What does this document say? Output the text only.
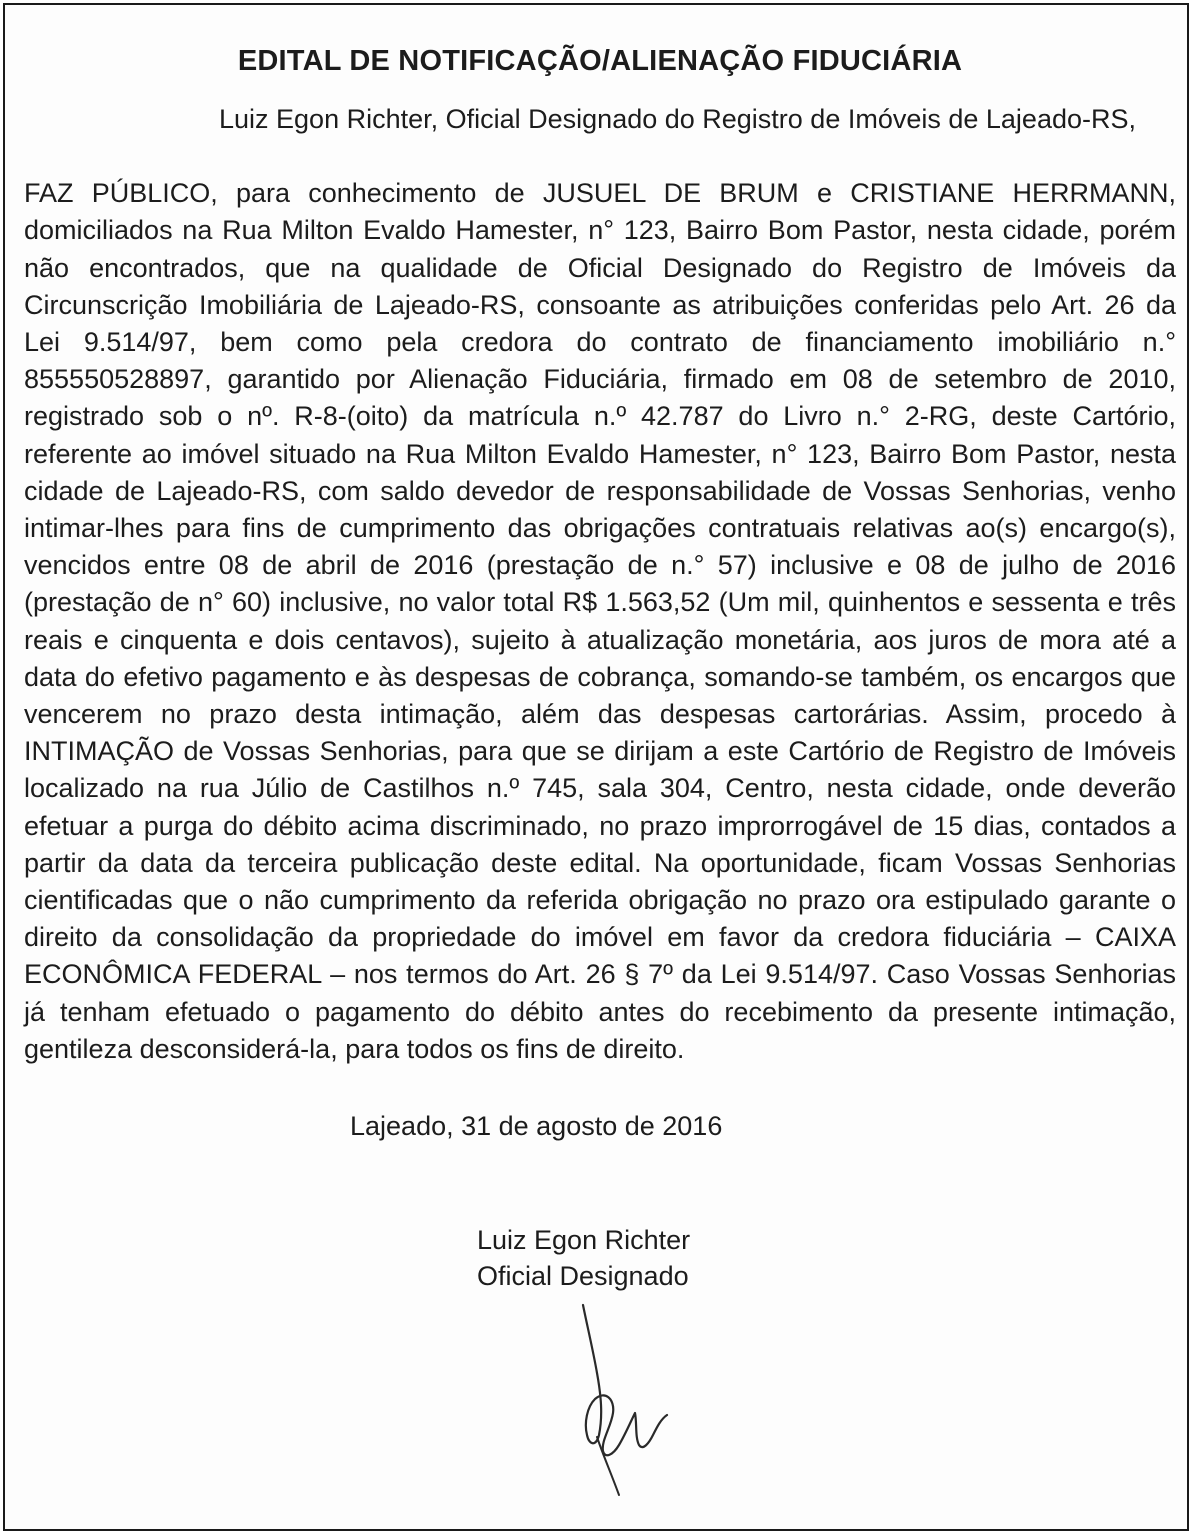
EDITAL DE NOTIFICAÇÃO/ALIENAÇÃO FIDUCIÁRIA

Luiz Egon Richter, Oficial Designado do Registro de Imóveis de Lajeado-RS,

FAZ PÚBLICO, para conhecimento de JUSUEL DE BRUM e CRISTIANE HERRMANN, domiciliados na Rua Milton Evaldo Hamester, n° 123, Bairro Bom Pastor, nesta cidade, porém não encontrados, que na qualidade de Oficial Designado do Registro de Imóveis da Circunscrição Imobiliária de Lajeado-RS, consoante as atribuições conferidas pelo Art. 26 da Lei 9.514/97, bem como pela credora do contrato de financiamento imobiliário n.° 855550528897, garantido por Alienação Fiduciária, firmado em 08 de setembro de 2010, registrado sob o nº. R-8-(oito) da matrícula n.º 42.787 do Livro n.° 2-RG, deste Cartório, referente ao imóvel situado na Rua Milton Evaldo Hamester, n° 123, Bairro Bom Pastor, nesta cidade de Lajeado-RS, com saldo devedor de responsabilidade de Vossas Senhorias, venho intimar-lhes para fins de cumprimento das obrigações contratuais relativas ao(s) encargo(s), vencidos entre 08 de abril de 2016 (prestação de n.° 57) inclusive e 08 de julho de 2016 (prestação de n° 60) inclusive, no valor total R$ 1.563,52 (Um mil, quinhentos e sessenta e três reais e cinquenta e dois centavos), sujeito à atualização monetária, aos juros de mora até a data do efetivo pagamento e às despesas de cobrança, somando-se também, os encargos que vencerem no prazo desta intimação, além das despesas cartorárias. Assim, procedo à INTIMAÇÃO de Vossas Senhorias, para que se dirijam a este Cartório de Registro de Imóveis localizado na rua Júlio de Castilhos n.º 745, sala 304, Centro, nesta cidade, onde deverão efetuar a purga do débito acima discriminado, no prazo improrrogável de 15 dias, contados a partir da data da terceira publicação deste edital. Na oportunidade, ficam Vossas Senhorias cientificadas que o não cumprimento da referida obrigação no prazo ora estipulado garante o direito da consolidação da propriedade do imóvel em favor da credora fiduciária – CAIXA ECONÔMICA FEDERAL – nos termos do Art. 26 § 7º da Lei 9.514/97. Caso Vossas Senhorias já tenham efetuado o pagamento do débito antes do recebimento da presente intimação, gentileza desconsiderá-la, para todos os fins de direito.

Lajeado, 31 de agosto de 2016
Luiz Egon Richter
Oficial Designado
